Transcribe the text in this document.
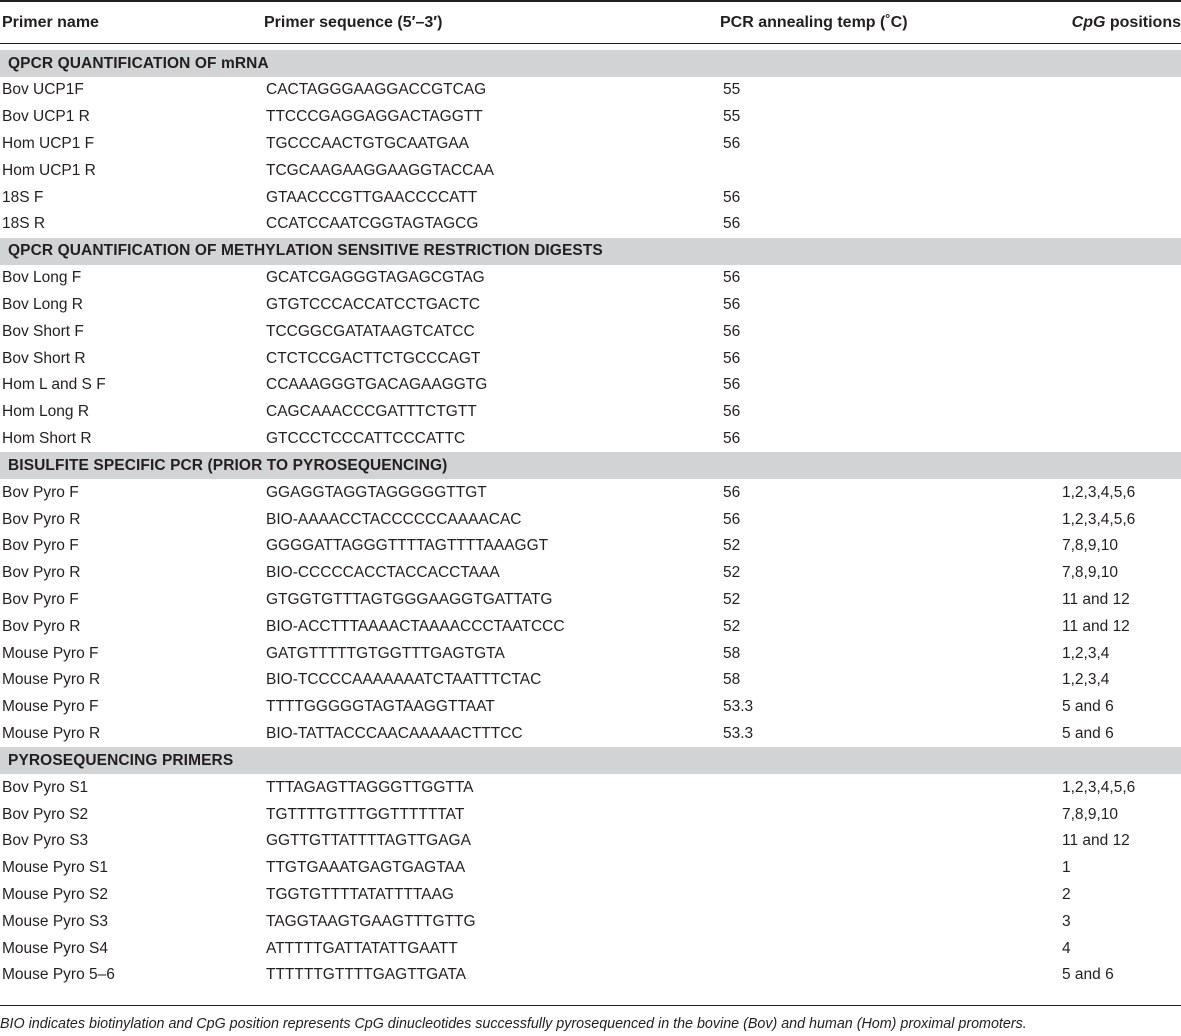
Primer name	Primer sequence (5′–3′)	PCR annealing temp (˚C)	CpG positions

QPCR QUANTIFICATION OF mRNA			
Bov UCP1F	CACTAGGGAAGGACCGTCAG	55	
Bov UCP1 R	TTCCCGAGGAGGACTAGGTT	55	
Hom UCP1 F	TGCCCAACTGTGCAATGAA	56	
Hom UCP1 R	TCGCAAGAAGGAAGGTACCAA		
18S F	GTAACCCGTTGAACCCCATT	56	
18S R	CCATCCAATCGGTAGTAGCG	56	
QPCR QUANTIFICATION OF METHYLATION SENSITIVE RESTRICTION DIGESTS			
Bov Long F	GCATCGAGGGTAGAGCGTAG	56	
Bov Long R	GTGTCCCACCATCCTGACTC	56	
Bov Short F	TCCGGCGATATAAGTCATCC	56	
Bov Short R	CTCTCCGACTTCTGCCCAGT	56	
Hom L and S F	CCAAAGGGTGACAGAAGGTG	56	
Hom Long R	CAGCAAACCCGATTTCTGTT	56	
Hom Short R	GTCCCTCCCATTCCCATTC	56	
BISULFITE SPECIFIC PCR (PRIOR TO PYROSEQUENCING)			
Bov Pyro F	GGAGGTAGGTAGGGGGTTGT	56	1,2,3,4,5,6
Bov Pyro R	BIO-AAAACCTACCCCCCAAAACAC	56	1,2,3,4,5,6
Bov Pyro F	GGGGATTAGGGTTTTAGTTTTAAAGGT	52	7,8,9,10
Bov Pyro R	BIO-CCCCCACCTACCACCTAAA	52	7,8,9,10
Bov Pyro F	GTGGTGTTTAGTGGGAAGGTGATTATG	52	11 and 12
Bov Pyro R	BIO-ACCTTTAAAACTAAAACCCTAATCCC	52	11 and 12
Mouse Pyro F	GATGTTTTTGTGGTTTGAGTGTA	58	1,2,3,4
Mouse Pyro R	BIO-TCCCCAAAAAAATCTAATTTCTAC	58	1,2,3,4
Mouse Pyro F	TTTTGGGGGTAGTAAGGTTAAT	53.3	5 and 6
Mouse Pyro R	BIO-TATTACCCAACAAAAACTTTCC	53.3	5 and 6
PYROSEQUENCING PRIMERS			
Bov Pyro S1	TTTAGAGTTAGGGTTGGTTA		1,2,3,4,5,6
Bov Pyro S2	TGTTTTGTTTGGTTTTTTAT		7,8,9,10
Bov Pyro S3	GGTTGTTATTTTAGTTGAGA		11 and 12
Mouse Pyro S1	TTGTGAAATGAGTGAGTAA		1
Mouse Pyro S2	TGGTGTTTTATATTTTAAG		2
Mouse Pyro S3	TAGGTAAGTGAAGTTTGTTG		3
Mouse Pyro S4	ATTTTTGATTATATTGAATT		4
Mouse Pyro 5–6	TTTTTTGTTTTGAGTTGATA		5 and 6
BIO indicates biotinylation and CpG position represents CpG dinucleotides successfully pyrosequenced in the bovine (Bov) and human (Hom) proximal promoters.
